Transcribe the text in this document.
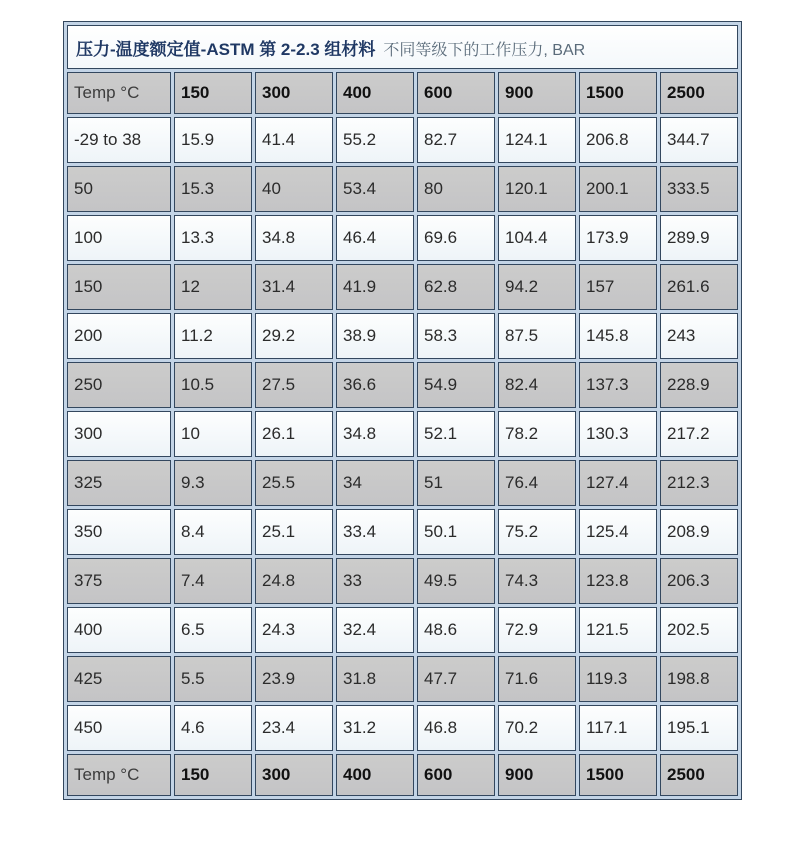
压力-温度额定值-ASTM 第 2-2.3 组材料 不同等级下的工作压力, BAR							
Temp °C	150	300	400	600	900	1500	2500
-29 to 38	15.9	41.4	55.2	82.7	124.1	206.8	344.7
50	15.3	40	53.4	80	120.1	200.1	333.5
100	13.3	34.8	46.4	69.6	104.4	173.9	289.9
150	12	31.4	41.9	62.8	94.2	157	261.6
200	11.2	29.2	38.9	58.3	87.5	145.8	243
250	10.5	27.5	36.6	54.9	82.4	137.3	228.9
300	10	26.1	34.8	52.1	78.2	130.3	217.2
325	9.3	25.5	34	51	76.4	127.4	212.3
350	8.4	25.1	33.4	50.1	75.2	125.4	208.9
375	7.4	24.8	33	49.5	74.3	123.8	206.3
400	6.5	24.3	32.4	48.6	72.9	121.5	202.5
425	5.5	23.9	31.8	47.7	71.6	119.3	198.8
450	4.6	23.4	31.2	46.8	70.2	117.1	195.1
Temp °C	150	300	400	600	900	1500	2500
